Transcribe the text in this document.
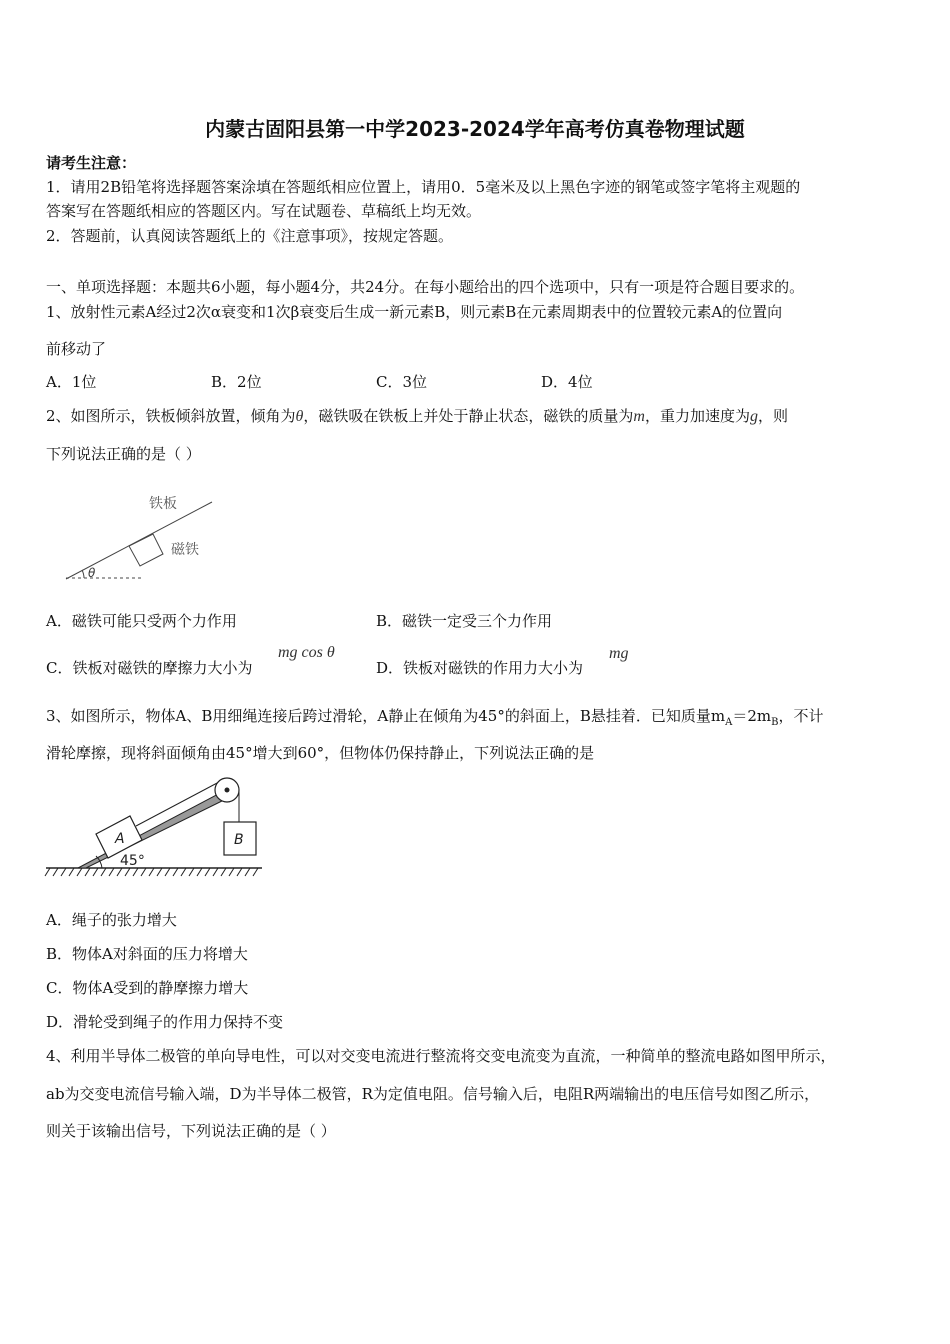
内蒙古固阳县第一中学2023-2024学年高考仿真卷物理试题
请考生注意：
1．请用2B铅笔将选择题答案涂填在答题纸相应位置上，请用0．5毫米及以上黑色字迹的钢笔或签字笔将主观题的
答案写在答题纸相应的答题区内。写在试题卷、草稿纸上均无效。
2．答题前，认真阅读答题纸上的《注意事项》，按规定答题。
一、单项选择题：本题共6小题，每小题4分，共24分。在每小题给出的四个选项中，只有一项是符合题目要求的。
1、放射性元素A经过2次α衰变和1次β衰变后生成一新元素B，则元素B在元素周期表中的位置较元素A的位置向
前移动了
A．1位	B．2位	C．3位	D．4位
2、如图所示，铁板倾斜放置，倾角为θ，磁铁吸在铁板上并处于静止状态，磁铁的质量为m，重力加速度为g，则
下列说法正确的是（ ）
θ
铁板
磁铁
A．磁铁可能只受两个力作用	B．磁铁一定受三个力作用
C．铁板对磁铁的摩擦力大小为
mg cos θ
D．铁板对磁铁的作用力大小为
mg
3、如图所示，物体A、B用细绳连接后跨过滑轮，A静止在倾角为45°的斜面上，B悬挂着．已知质量$m_A=2m_B$，不计
滑轮摩擦，现将斜面倾角由45°增大到60°，但物体仍保持静止，下列说法正确的是
A	B
45°
A．绳子的张力增大
B．物体A对斜面的压力将增大
C．物体A受到的静摩擦力增大
D．滑轮受到绳子的作用力保持不变
4、利用半导体二极管的单向导电性，可以对交变电流进行整流将交变电流变为直流，一种简单的整流电路如图甲所示，
ab为交变电流信号输入端，D为半导体二极管，R为定值电阻。信号输入后，电阻R两端输出的电压信号如图乙所示，
则关于该输出信号，下列说法正确的是（ ）
